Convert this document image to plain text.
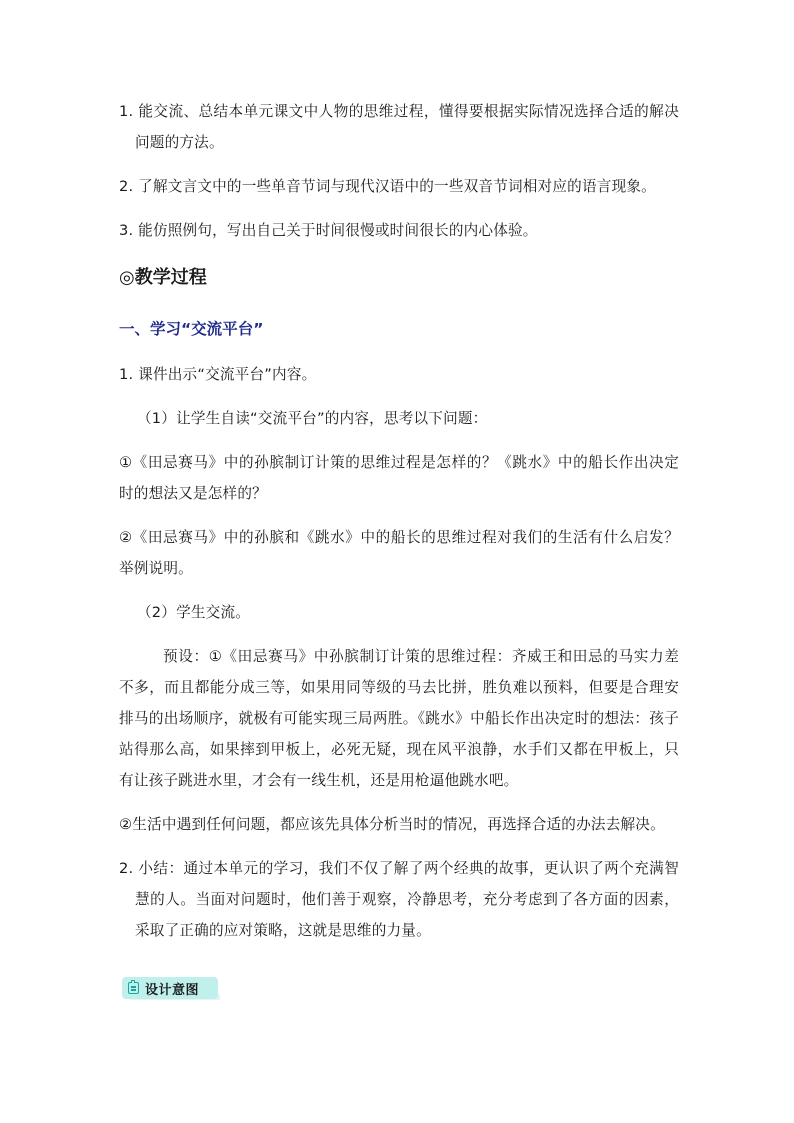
1. 能交流、总结本单元课文中人物的思维过程，懂得要根据实际情况选择合适的解决问题的方法。

2. 了解文言文中的一些单音节词与现代汉语中的一些双音节词相对应的语言现象。

3. 能仿照例句，写出自己关于时间很慢或时间很长的内心体验。

◎教学过程

一、学习“交流平台”

1. 课件出示“交流平台”内容。

（1）让学生自读“交流平台”的内容，思考以下问题：

①《田忌赛马》中的孙膑制订计策的思维过程是怎样的？《跳水》中的船长作出决定时的想法又是怎样的？

②《田忌赛马》中的孙膑和《跳水》中的船长的思维过程对我们的生活有什么启发？举例说明。

（2）学生交流。

预设：①《田忌赛马》中孙膑制订计策的思维过程：齐威王和田忌的马实力差不多，而且都能分成三等，如果用同等级的马去比拼，胜负难以预料，但要是合理安排马的出场顺序，就极有可能实现三局两胜。《跳水》中船长作出决定时的想法：孩子站得那么高，如果摔到甲板上，必死无疑，现在风平浪静，水手们又都在甲板上，只有让孩子跳进水里，才会有一线生机，还是用枪逼他跳水吧。

②生活中遇到任何问题，都应该先具体分析当时的情况，再选择合适的办法去解决。

2. 小结：通过本单元的学习，我们不仅了解了两个经典的故事，更认识了两个充满智慧的人。当面对问题时，他们善于观察，冷静思考，充分考虑到了各方面的因素，采取了正确的应对策略，这就是思维的力量。

设计意图
